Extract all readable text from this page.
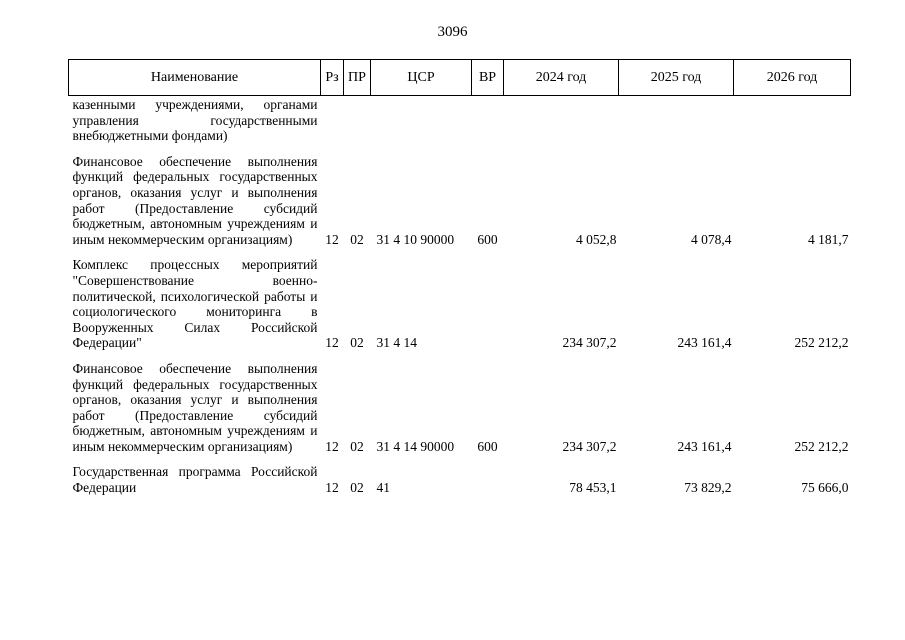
3096
Наименование	Рз	ПР	ЦСР	ВР	2024 год	2025 год	2026 год
казенными учреждениями, органами управления государственными внебюджетными фондами)							

Финансовое обеспечение выполнения функций федеральных государственных органов, оказания услуг и выполнения работ (Предоставление субсидий бюджетным, автономным учреждениям и иным некоммерческим организациям)	12	02	31 4 10 90000	600	4 052,8	4 078,4	4 181,7

Комплекс процессных мероприятий "Совершенствование военно-политической, психологической работы и социологического мониторинга в Вооруженных Силах Российской Федерации"	12	02	31 4 14		234 307,2	243 161,4	252 212,2

Финансовое обеспечение выполнения функций федеральных государственных органов, оказания услуг и выполнения работ (Предоставление субсидий бюджетным, автономным учреждениям и иным некоммерческим организациям)	12	02	31 4 14 90000	600	234 307,2	243 161,4	252 212,2

Государственная программа Российской Федерации	12	02	41		78 453,1	73 829,2	75 666,0
